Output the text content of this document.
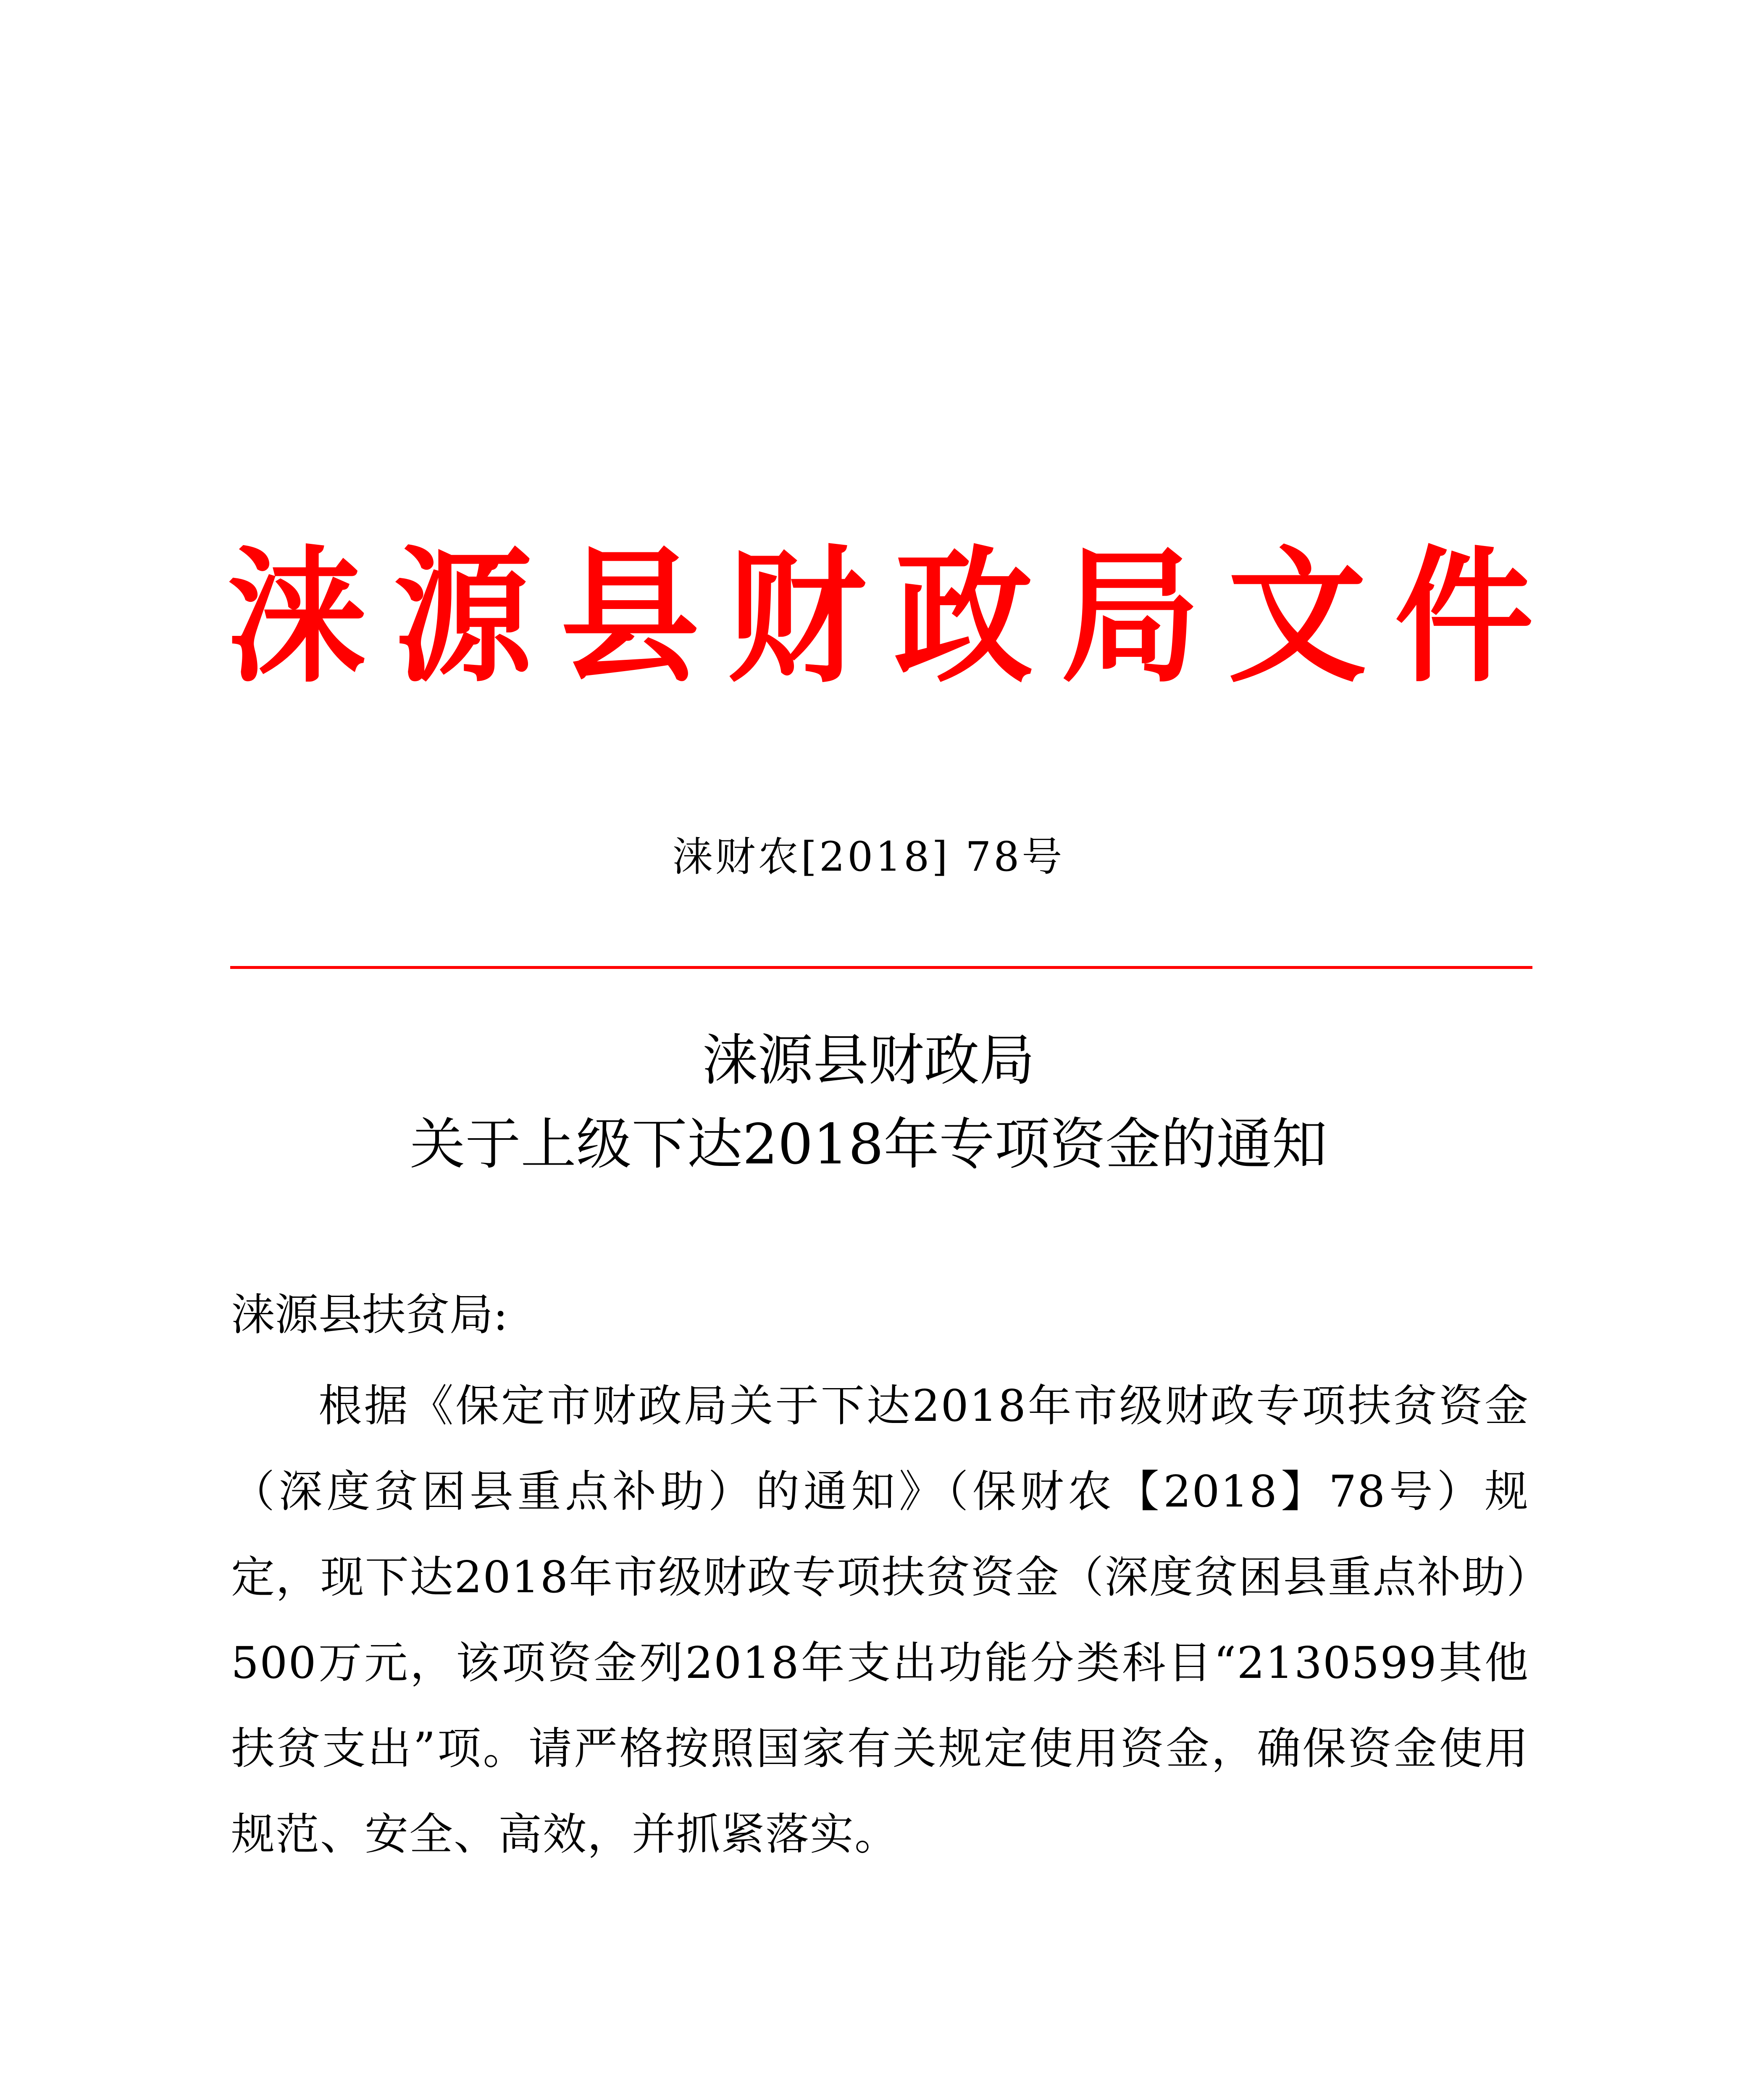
涞 源 县 财 政 局 文 件
涞财农[2018] 78号
涞源县财政局
关于上级下达2018年专项资金的通知
涞源县扶贫局:
根据《保定市财政局关于下达2018年市级财政专项扶贫资金（深度贫困县重点补助）的通知》（保财农【2018】78号）规定，现下达2018年市级财政专项扶贫资金（深度贫困县重点补助）500万元，该项资金列2018年支出功能分类科目“2130599其他扶贫支出”项。请严格按照国家有关规定使用资金，确保资金使用规范、安全、高效，并抓紧落实。
